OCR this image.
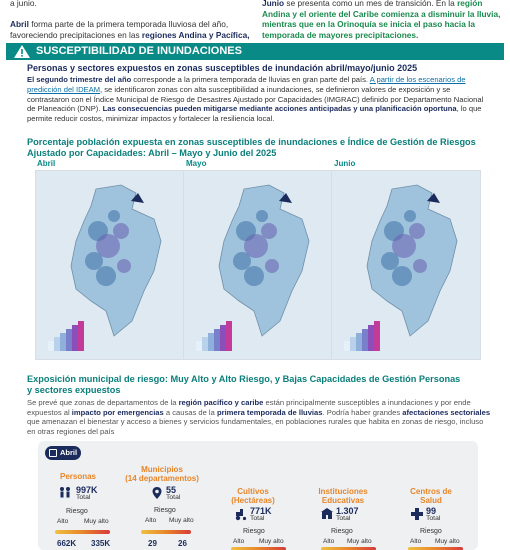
a junio.

Abril forma parte de la primera temporada lluviosa del año, favoreciendo precipitaciones en las regiones Andina y Pacífica,
Junio se presenta como un mes de transición. En la región Andina y el oriente del Caribe comienza a disminuir la lluvia, mientras que en la Orinoquía se inicia el paso hacia la temporada de mayores precipitaciones.
SUSCEPTIBILIDAD DE INUNDACIONES
Personas y sectores expuestos en zonas susceptibles de inundación abril/mayo/junio 2025
El segundo trimestre del año corresponde a la primera temporada de lluvias en gran parte del país. A partir de los escenarios de predicción del IDEAM, se identificaron zonas con alta susceptibilidad a inundaciones, se definieron valores de exposición y se contrastaron con el Índice Municipal de Riesgo de Desastres Ajustado por Capacidades (IMGRAC) definido por Departamento Nacional de Planeación (DNP). Las consecuencias pueden mitigarse mediante acciones anticipadas y una planificación oportuna, lo que permite reducir costos, minimizar impactos y fortalecer la resiliencia local.
Porcentaje población expuesta en zonas susceptibles de inundaciones e Índice de Gestión de Riesgos Ajustado por Capacidades: Abril – Mayo y Junio del 2025
Abril	Mayo	Junio
Exposición municipal de riesgo: Muy Alto y Alto Riesgo, y Bajas Capacidades de Gestión Personas y sectores expuestos
Se prevé que zonas de departamentos de la región pacífico y caribe están principalmente susceptibles a inundaciones y por ende expuestos al impacto por emergencias a causas de la primera temporada de lluvias. Podría haber grandes afectaciones sectoriales que amenazan el bienestar y acceso a bienes y servicios fundamentales, en poblaciones rurales que habita en zonas de riesgo, incluso en otras regiones del país
Abril
Personas
997K
Total
Riesgo
Alto Muy alto
662K 335K
Municipios
(14 departamentos)
55
Total
Riesgo
Alto Muy alto
29	26
Cultivos
(Hectáreas)
771K
Total
Riesgo
Alto Muy alto
Instituciones
Educativas
1.307
Total
Riesgo
Alto Muy alto
Centros de
Salud
99
Total
Riesgo
Alto Muy alto
